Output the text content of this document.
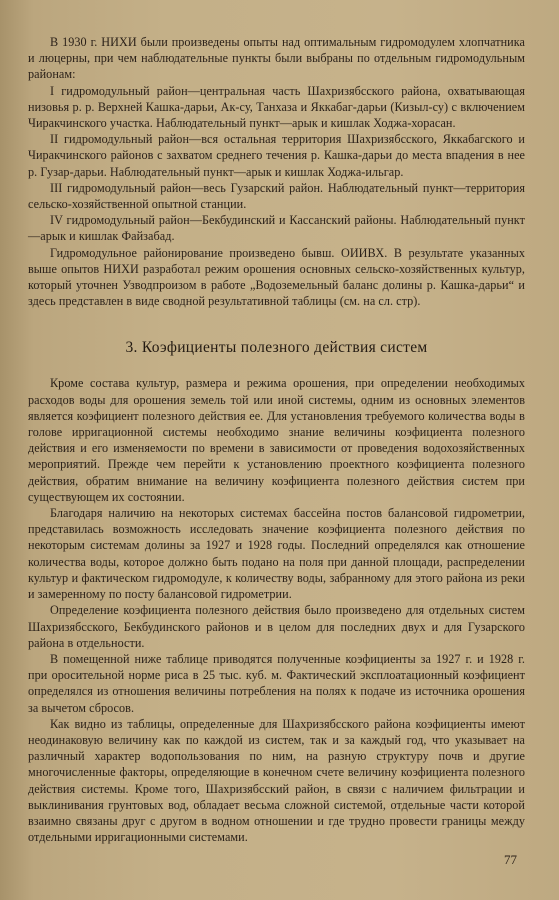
В 1930 г. НИХИ были произведены опыты над оптимальным гидромодулем хлопчатника и люцерны, при чем наблюдательные пункты были выбраны по отдельным гидромодульным районам:

I гидромодульный район—центральная часть Шахризябсского района, охватывающая низовья р. р. Верхней Кашка-дарьи, Ак-су, Танхаза и Яккабаг-дарьи (Кизыл-су) с включением Чиракчинского участка. Наблюдательный пункт—арык и кишлак Ходжа-хорасан.

II гидромодульный район—вся остальная территория Шахризябсского, Яккабагского и Чиракчинского районов с захватом среднего течения р. Кашка-дарьи до места впадения в нее р. Гузар-дарьи. Наблюдательный пункт—арык и кишлак Ходжа-ильгар.

III гидромодульный район—весь Гузарский район. Наблюдательный пункт—территория сельско-хозяйственной опытной станции.

IV гидромодульный район—Бекбудинский и Кассанский районы. Наблюдательный пункт—арык и кишлак Файзабад.

Гидромодульное районирование произведено бывш. ОИИВХ. В результате указанных выше опытов НИХИ разработал режим орошения основных сельско-хозяйственных культур, который уточнен Узводпроизом в работе „Водоземельный баланс долины р. Кашка-дарьи“ и здесь представлен в виде сводной результативной таблицы (см. на сл. стр).

3. Коэфициенты полезного действия систем

Кроме состава культур, размера и режима орошения, при определении необходимых расходов воды для орошения земель той или иной системы, одним из основных элементов является коэфициент полезного действия ее. Для установления требуемого количества воды в голове ирригационной системы необходимо знание величины коэфициента полезного действия и его изменяемости по времени в зависимости от проведения водохозяйственных мероприятий. Прежде чем перейти к установлению проектного коэфициента полезного действия, обратим внимание на величину коэфициента полезного действия систем при существующем их состоянии.

Благодаря наличию на некоторых системах бассейна постов балансовой гидрометрии, представилась возможность исследовать значение коэфициента полезного действия по некоторым системам долины за 1927 и 1928 годы. Последний определялся как отношение количества воды, которое должно быть подано на поля при данной площади, распределении культур и фактическом гидромодуле, к количеству воды, забранному для этого района из реки и замеренному по посту балансовой гидрометрии.

Определение коэфициента полезного действия было произведено для отдельных систем Шахризябсского, Бекбудинского районов и в целом для последних двух и для Гузарского района в отдельности.

В помещенной ниже таблице приводятся полученные коэфициенты за 1927 г. и 1928 г. при оросительной норме риса в 25 тыс. куб. м. Фактический эксплоатационный коэфициент определялся из отношения величины потребления на полях к подаче из источника орошения за вычетом сбросов.

Как видно из таблицы, определенные для Шахризябсского района коэфициенты имеют неодинаковую величину как по каждой из систем, так и за каждый год, что указывает на различный характер водопользования по ним, на разную структуру почв и другие многочисленные факторы, определяющие в конечном счете величину коэфициента полезного действия системы. Кроме того, Шахризябсский район, в связи с наличием фильтрации и выклинивания грунтовых вод, обладает весьма сложной системой, отдельные части которой взаимно связаны друг с другом в водном отношении и где трудно провести границы между отдельными ирригационными системами.

77
